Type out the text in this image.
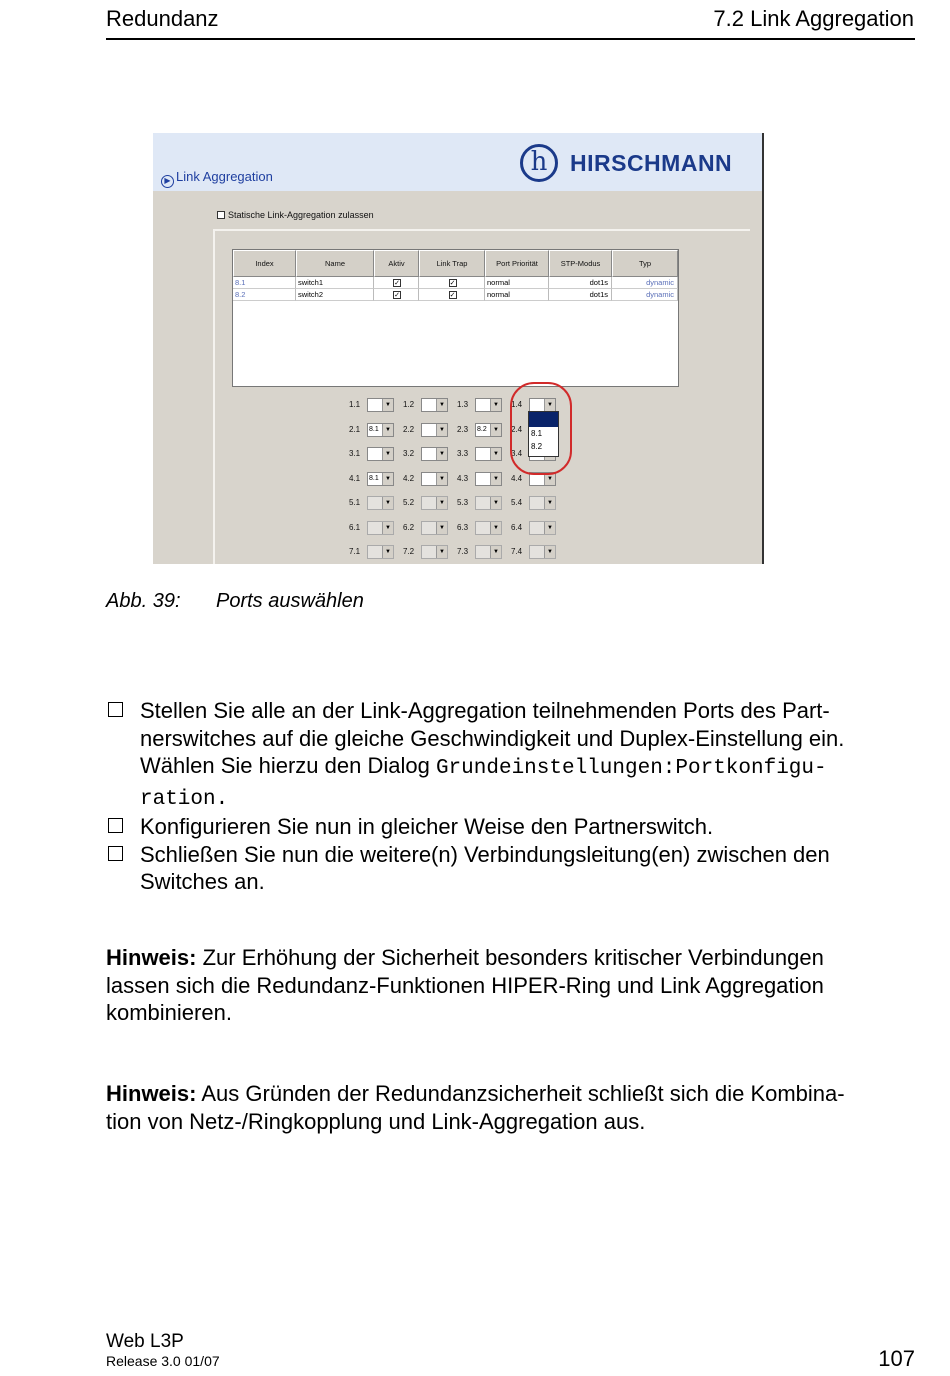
Redundanz	7.2 Link Aggregation
▶ Link Aggregation	h HIRSCHMANN
Statische Link-Aggregation zulassen
Index	Name	Aktiv	Link Trap	Port Priorität	STP-Modus	Typ
8.1	switch1	✓	✓	normal	dot1s	dynamic
8.2	switch2	✓	✓	normal	dot1s	dynamic
1.1	▼ 1.2	▼ 1.3	▼ 1.4	▼
2.1	8.1	▼ 2.2	▼ 2.3	8.2	▼ 2.4
3.1	▼ 3.2	▼ 3.3	▼ 3.4
4.1	8.1	▼ 4.2	▼ 4.3	▼ 4.4	▼
5.1	▼ 5.2	▼ 5.3	▼ 5.4	▼
6.1	▼ 6.2	▼ 6.3	▼ 6.4	▼
7.1	▼ 7.2	▼ 7.3	▼ 7.4	▼
8.1
8.2
Abb. 39: Ports auswählen
Stellen Sie alle an der Link-Aggregation teilnehmenden Ports des Part-
nerswitches auf die gleiche Geschwindigkeit und Duplex-Einstellung ein.
Wählen Sie hierzu den Dialog Grundeinstellungen:Portkonfigu-
ration.
Konfigurieren Sie nun in gleicher Weise den Partnerswitch.
Schließen Sie nun die weitere(n) Verbindungsleitung(en) zwischen den
Switches an.
Hinweis: Zur Erhöhung der Sicherheit besonders kritischer Verbindungen
lassen sich die Redundanz-Funktionen HIPER-Ring und Link Aggregation
kombinieren.
Hinweis: Aus Gründen der Redundanzsicherheit schließt sich die Kombina-
tion von Netz-/Ringkopplung und Link-Aggregation aus.
Web L3P
Release 3.0 01/07	107
